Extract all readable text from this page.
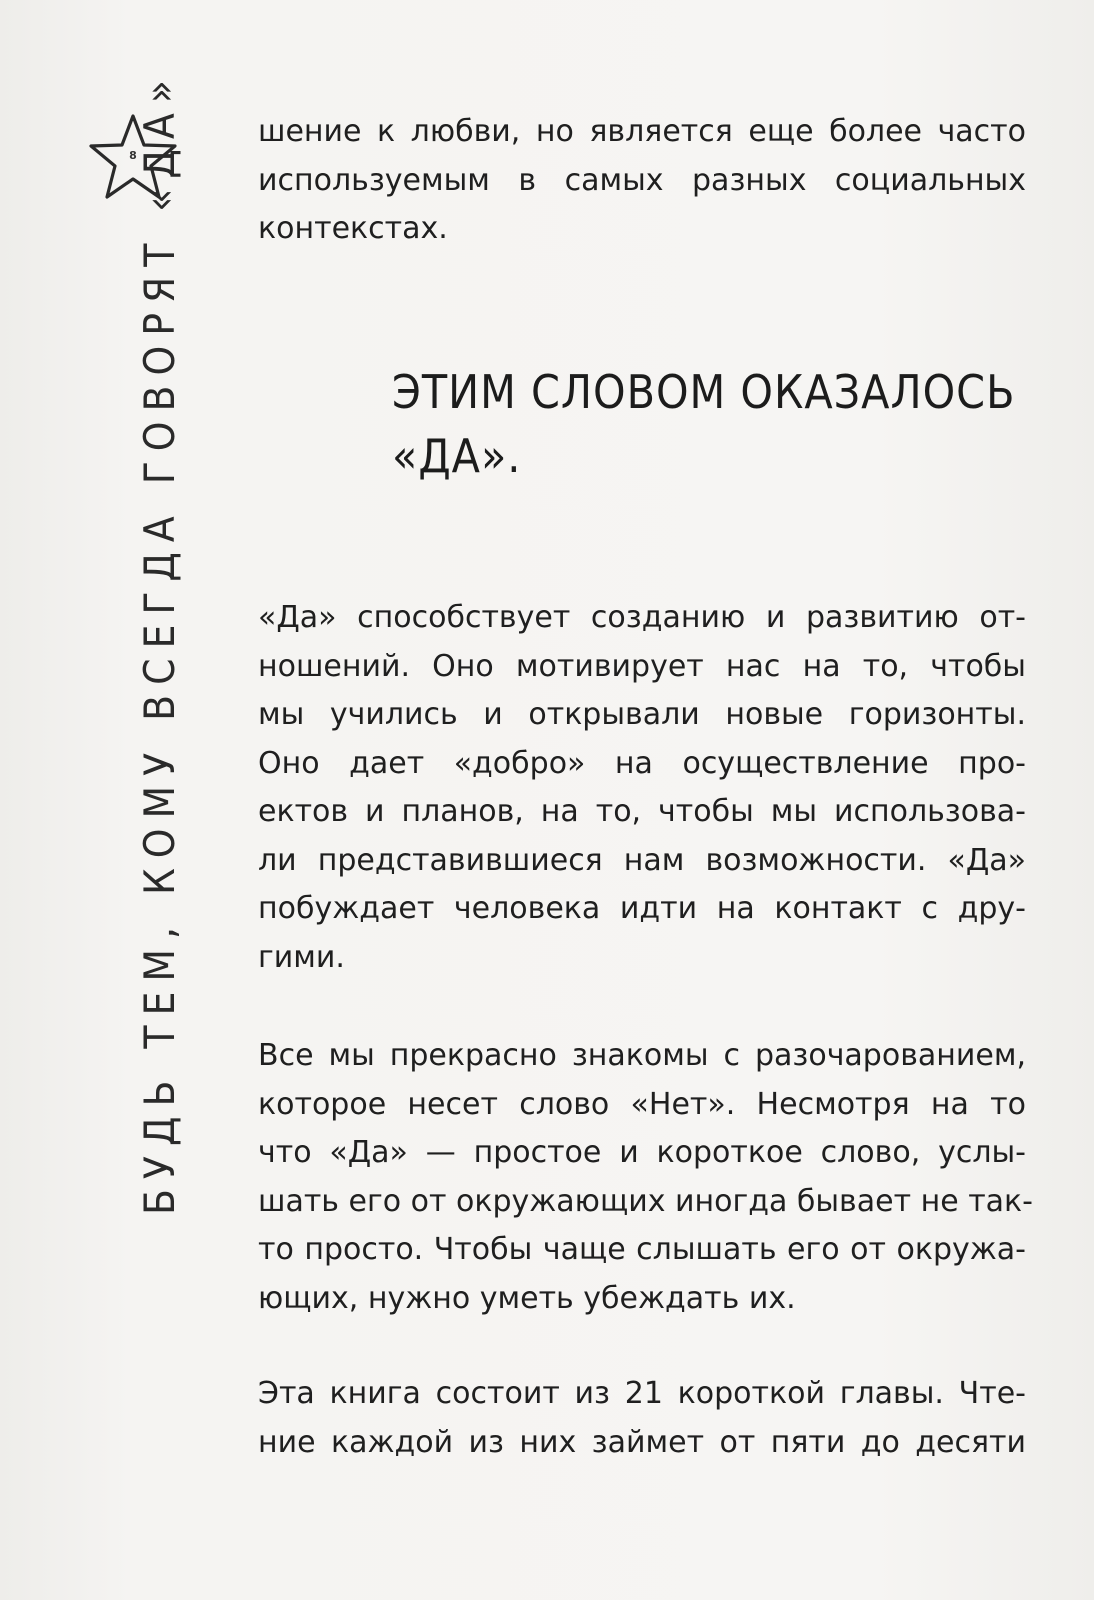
8
БУДЬ ТЕМ, КОМУ ВСЕГДА ГОВОРЯТ «ДА» шение к любви, но является еще более часто
используемым в самых разных социальных
контекстах.
ЭТИМ СЛОВОМ ОКАЗАЛОСЬ
«ДА».
«Да» способствует созданию и развитию от-
ношений. Оно мотивирует нас на то, чтобы
мы учились и открывали новые горизонты.
Оно дает «добро» на осуществление про-
ектов и планов, на то, чтобы мы использова-
ли представившиеся нам возможности. «Да»
побуждает человека идти на контакт с дру-
гими.
Все мы прекрасно знакомы с разочарованием,
которое несет слово «Нет». Несмотря на то
что «Да» — простое и короткое слово, услы-
шать его от окружающих иногда бывает не так-
то просто. Чтобы чаще слышать его от окружа-
ющих, нужно уметь убеждать их.
Эта книга состоит из 21 короткой главы. Чте-
ние каждой из них займет от пяти до десяти
